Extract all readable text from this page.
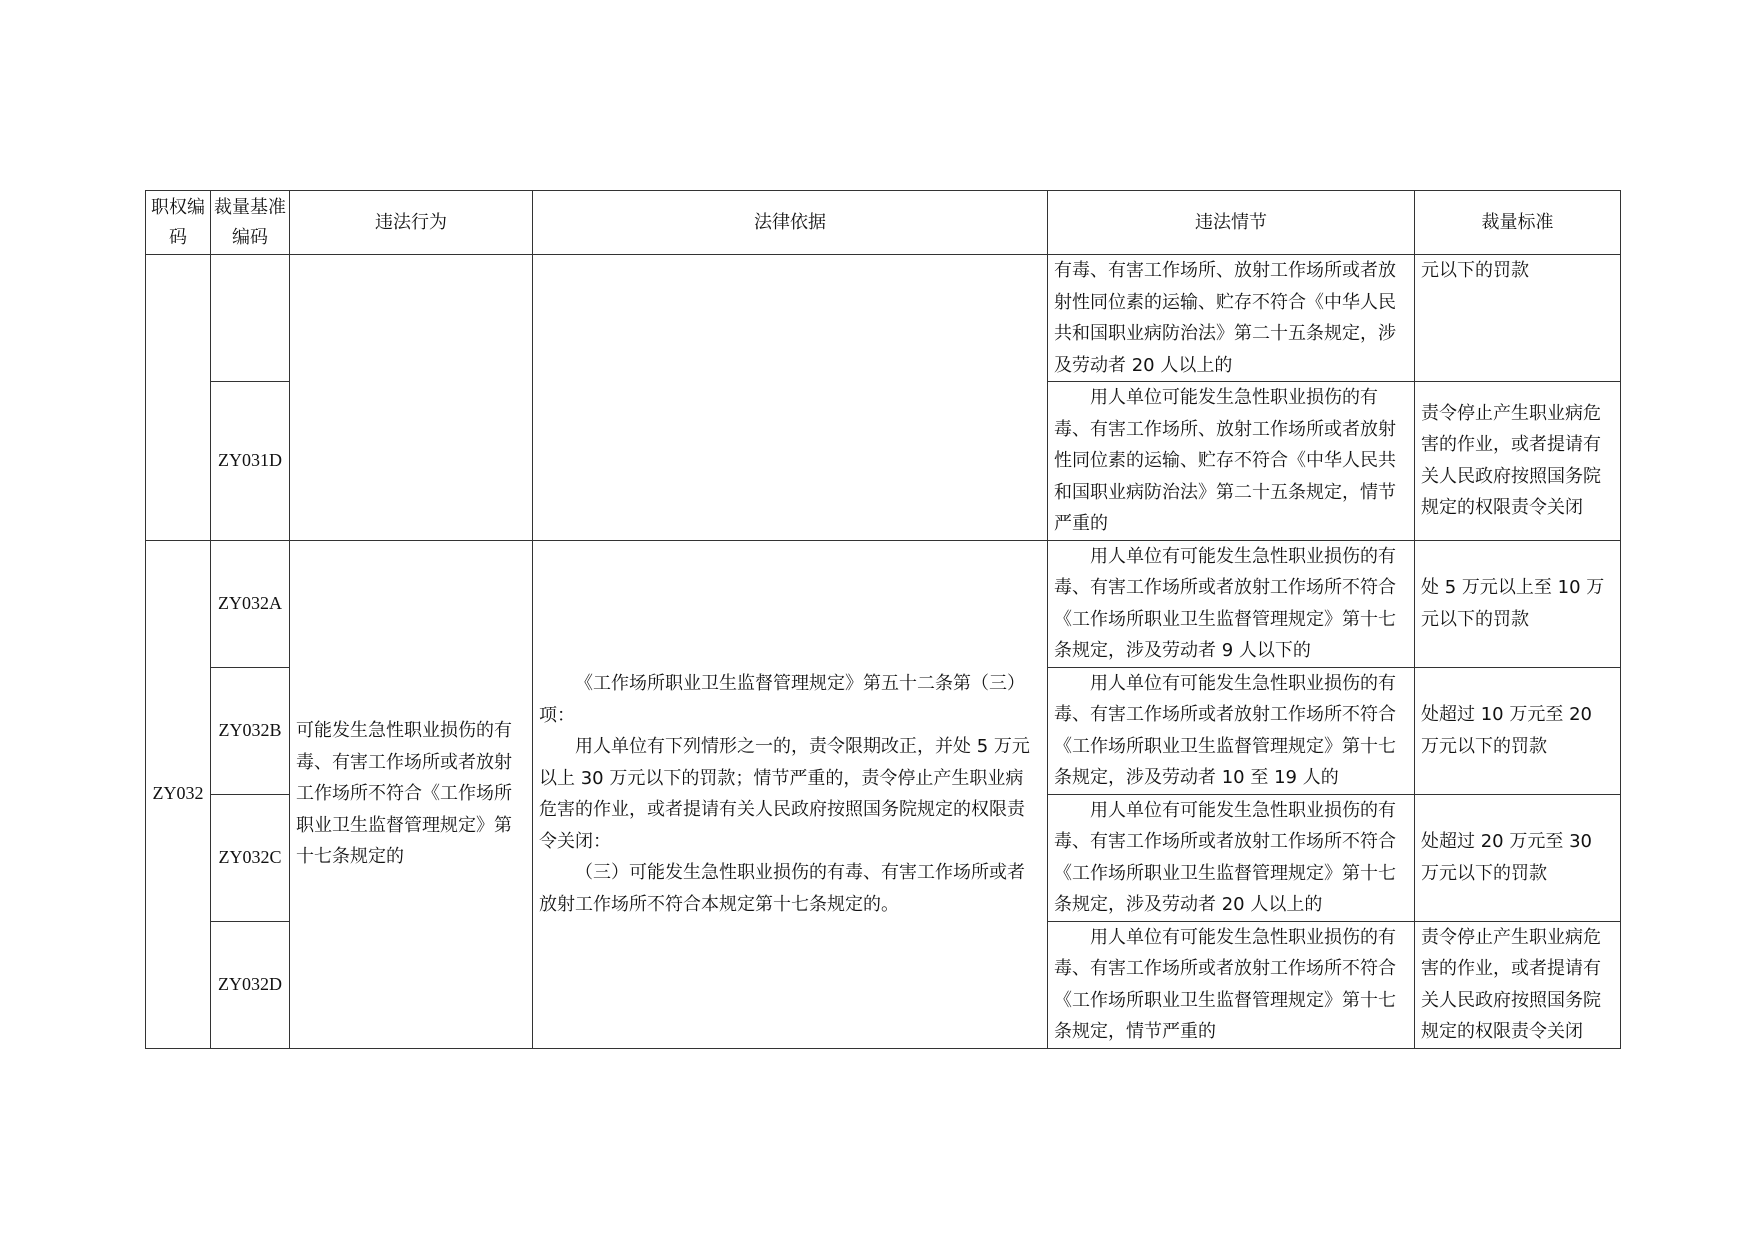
职权编码	裁量基准编码	违法行为	法律依据	违法情节	裁量标准
				有毒、有害工作场所、放射工作场所或者放射性同位素的运输、贮存不符合《中华人民共和国职业病防治法》第二十五条规定，涉及劳动者 20 人以上的	元以下的罚款
	ZY031D			用人单位可能发生急性职业损伤的有毒、有害工作场所、放射工作场所或者放射性同位素的运输、贮存不符合《中华人民共和国职业病防治法》第二十五条规定，情节严重的	责令停止产生职业病危害的作业，或者提请有关人民政府按照国务院规定的权限责令关闭
ZY032	ZY032A	可能发生急性职业损伤的有毒、有害工作场所或者放射工作场所不符合《工作场所职业卫生监督管理规定》第十七条规定的	《工作场所职业卫生监督管理规定》第五十二条第（三）项：
用人单位有下列情形之一的，责令限期改正，并处 5 万元以上 30 万元以下的罚款；情节严重的，责令停止产生职业病危害的作业，或者提请有关人民政府按照国务院规定的权限责令关闭：
（三）可能发生急性职业损伤的有毒、有害工作场所或者放射工作场所不符合本规定第十七条规定的。	用人单位有可能发生急性职业损伤的有毒、有害工作场所或者放射工作场所不符合《工作场所职业卫生监督管理规定》第十七条规定，涉及劳动者 9 人以下的	处 5 万元以上至 10 万元以下的罚款
	ZY032B			用人单位有可能发生急性职业损伤的有毒、有害工作场所或者放射工作场所不符合《工作场所职业卫生监督管理规定》第十七条规定，涉及劳动者 10 至 19 人的	处超过 10 万元至 20 万元以下的罚款
	ZY032C			用人单位有可能发生急性职业损伤的有毒、有害工作场所或者放射工作场所不符合《工作场所职业卫生监督管理规定》第十七条规定，涉及劳动者 20 人以上的	处超过 20 万元至 30 万元以下的罚款
	ZY032D			用人单位有可能发生急性职业损伤的有毒、有害工作场所或者放射工作场所不符合《工作场所职业卫生监督管理规定》第十七条规定，情节严重的	责令停止产生职业病危害的作业，或者提请有关人民政府按照国务院规定的权限责令关闭
